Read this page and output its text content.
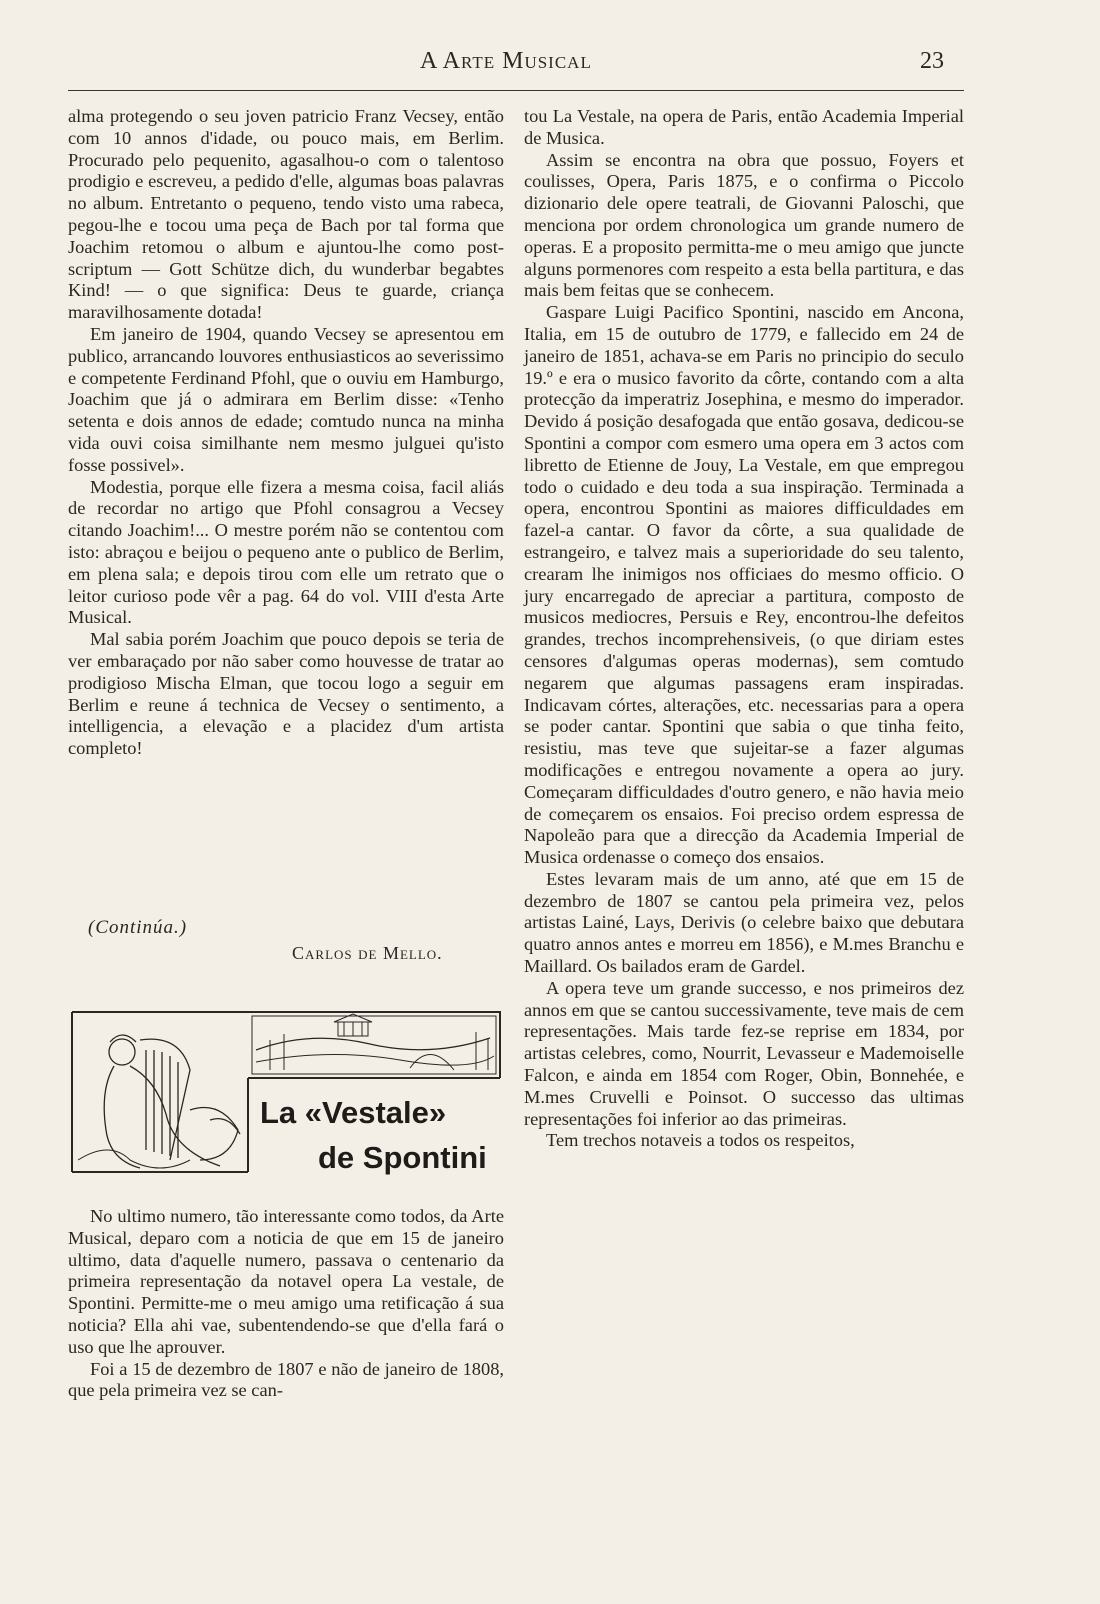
A Arte Musical	23

alma protegendo o seu joven patricio Franz Vecsey, então com 10 annos d'idade, ou pouco mais, em Berlim. Procurado pelo pequenito, agasalhou-o com o talentoso prodigio e escreveu, a pedido d'elle, algumas boas palavras no album. Entretanto o pequeno, tendo visto uma rabeca, pegou-lhe e tocou uma peça de Bach por tal forma que Joachim retomou o album e ajuntou-lhe como post-scriptum — Gott Schütze dich, du wunderbar begabtes Kind! — o que significa: Deus te guarde, criança maravilhosamente dotada!

Em janeiro de 1904, quando Vecsey se apresentou em publico, arrancando louvores enthusiasticos ao severissimo e competente Ferdinand Pfohl, que o ouviu em Hamburgo, Joachim que já o admirara em Berlim disse: «Tenho setenta e dois annos de edade; comtudo nunca na minha vida ouvi coisa similhante nem mesmo julguei qu'isto fosse possivel».

Modestia, porque elle fizera a mesma coisa, facil aliás de recordar no artigo que Pfohl consagrou a Vecsey citando Joachim!... O mestre porém não se contentou com isto: abraçou e beijou o pequeno ante o publico de Berlim, em plena sala; e depois tirou com elle um retrato que o leitor curioso pode vêr a pag. 64 do vol. VIII d'esta Arte Musical.

Mal sabia porém Joachim que pouco depois se teria de ver embaraçado por não saber como houvesse de tratar ao prodigioso Mischa Elman, que tocou logo a seguir em Berlim e reune á technica de Vecsey o sentimento, a intelligencia, a elevação e a placidez d'um artista completo!

(Continúa.)
Carlos de Mello.
La «Vestale»
de Spontini

No ultimo numero, tão interessante como todos, da Arte Musical, deparo com a noticia de que em 15 de janeiro ultimo, data d'aquelle numero, passava o centenario da primeira representação da notavel opera La vestale, de Spontini. Permitte-me o meu amigo uma retificação á sua noticia? Ella ahi vae, subentendendo-se que d'ella fará o uso que lhe aprouver.

Foi a 15 de dezembro de 1807 e não de janeiro de 1808, que pela primeira vez se can-

tou La Vestale, na opera de Paris, então Academia Imperial de Musica.

Assim se encontra na obra que possuo, Foyers et coulisses, Opera, Paris 1875, e o confirma o Piccolo dizionario dele opere teatrali, de Giovanni Paloschi, que menciona por ordem chronologica um grande numero de operas. E a proposito permitta-me o meu amigo que juncte alguns pormenores com respeito a esta bella partitura, e das mais bem feitas que se conhecem.

Gaspare Luigi Pacifico Spontini, nascido em Ancona, Italia, em 15 de outubro de 1779, e fallecido em 24 de janeiro de 1851, achava-se em Paris no principio do seculo 19.º e era o musico favorito da côrte, contando com a alta protecção da imperatriz Josephina, e mesmo do imperador. Devido á posição desafogada que então gosava, dedicou-se Spontini a compor com esmero uma opera em 3 actos com libretto de Etienne de Jouy, La Vestale, em que empregou todo o cuidado e deu toda a sua inspiração. Terminada a opera, encontrou Spontini as maiores difficuldades em fazel-a cantar. O favor da côrte, a sua qualidade de estrangeiro, e talvez mais a superioridade do seu talento, crearam lhe inimigos nos officiaes do mesmo officio. O jury encarregado de apreciar a partitura, composto de musicos mediocres, Persuis e Rey, encontrou-lhe defeitos grandes, trechos incomprehensiveis, (o que diriam estes censores d'algumas operas modernas), sem comtudo negarem que algumas passagens eram inspiradas. Indicavam córtes, alterações, etc. necessarias para a opera se poder cantar. Spontini que sabia o que tinha feito, resistiu, mas teve que sujeitar-se a fazer algumas modificações e entregou novamente a opera ao jury. Começaram difficuldades d'outro genero, e não havia meio de começarem os ensaios. Foi preciso ordem espressa de Napoleão para que a direcção da Academia Imperial de Musica ordenasse o começo dos ensaios.

Estes levaram mais de um anno, até que em 15 de dezembro de 1807 se cantou pela primeira vez, pelos artistas Lainé, Lays, Derivis (o celebre baixo que debutara quatro annos antes e morreu em 1856), e M.mes Branchu e Maillard. Os bailados eram de Gardel.

A opera teve um grande successo, e nos primeiros dez annos em que se cantou successivamente, teve mais de cem representações. Mais tarde fez-se reprise em 1834, por artistas celebres, como, Nourrit, Levasseur e Mademoiselle Falcon, e ainda em 1854 com Roger, Obin, Bonnehée, e M.mes Cruvelli e Poinsot. O successo das ultimas representações foi inferior ao das primeiras.

Tem trechos notaveis a todos os respeitos,
